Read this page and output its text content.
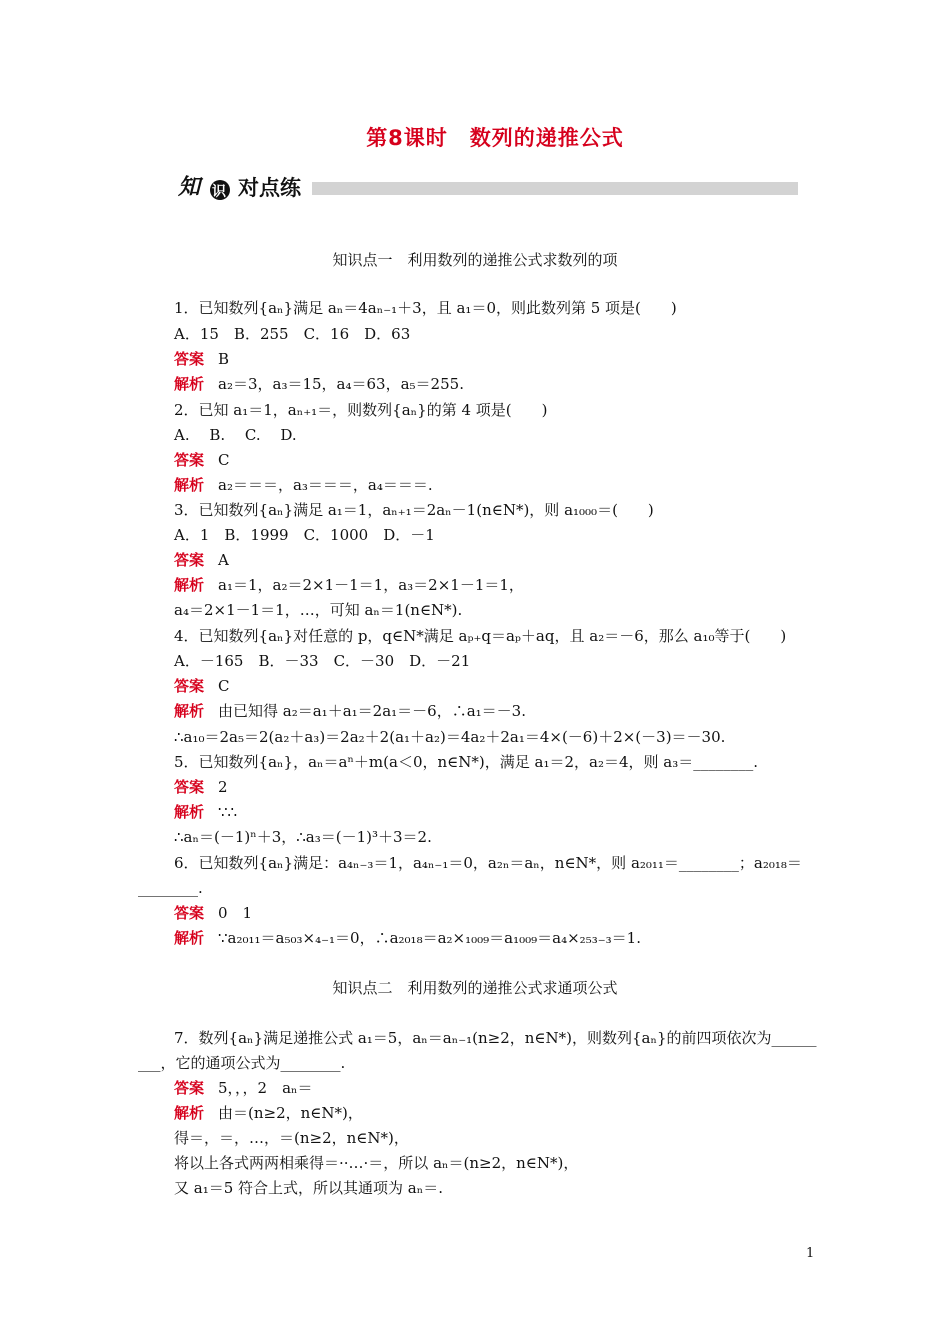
第8课时　数列的递推公式
知 识 对点练
知识点一　利用数列的递推公式求数列的项
知识点二　利用数列的递推公式求通项公式
1．已知数列{aₙ}满足 aₙ＝4aₙ₋₁＋3，且 a₁＝0，则此数列第 5 项是(　　)
A．15　B．255　C．16　D．63
答案 B
解析 a₂＝3，a₃＝15，a₄＝63，a₅＝255.
2．已知 a₁＝1，aₙ₊₁＝，则数列{aₙ}的第 4 项是(　　)
A.　 B.　 C.　 D.
答案 C
解析 a₂＝＝＝，a₃＝＝＝，a₄＝＝＝.
3．已知数列{aₙ}满足 a₁＝1，aₙ₊₁＝2aₙ－1(n∈N*)，则 a₁₀₀₀＝(　　)
A．1　B．1999　C．1000　D．－1
答案 A
解析 a₁＝1，a₂＝2×1－1＝1，a₃＝2×1－1＝1，
a₄＝2×1－1＝1，…，可知 aₙ＝1(n∈N*).
4．已知数列{aₙ}对任意的 p，q∈N*满足 aₚ₊q＝aₚ＋aq，且 a₂＝－6，那么 a₁₀等于(　　)
A．－165　B．－33　C．－30　D．－21
答案 C
解析 由已知得 a₂＝a₁＋a₁＝2a₁＝－6，∴a₁＝－3.
∴a₁₀＝2a₅＝2(a₂＋a₃)＝2a₂＋2(a₁＋a₂)＝4a₂＋2a₁＝4×(－6)＋2×(－3)＝－30.
5．已知数列{aₙ}，aₙ＝aⁿ＋m(a＜0，n∈N*)，满足 a₁＝2，a₂＝4，则 a₃＝________.
答案 2
解析 ∵∴
∴aₙ＝(－1)ⁿ＋3，∴a₃＝(－1)³＋3＝2.
6．已知数列{aₙ}满足：a₄ₙ₋₃＝1，a₄ₙ₋₁＝0，a₂ₙ＝aₙ，n∈N*，则 a₂₀₁₁＝________；a₂₀₁₈＝
________.
答案 0　1
解析 ∵a₂₀₁₁＝a₅₀₃×₄₋₁＝0，∴a₂₀₁₈＝a₂×₁₀₀₉＝a₁₀₀₉＝a₄×₂₅₃₋₃＝1.
7．数列{aₙ}满足递推公式 a₁＝5，aₙ＝aₙ₋₁(n≥2，n∈N*)，则数列{aₙ}的前四项依次为______
___，它的通项公式为________.
答案 5，，，2　aₙ＝
解析 由＝(n≥2，n∈N*)，
得＝，＝，…，＝(n≥2，n∈N*)，
将以上各式两两相乘得＝··…·＝，所以 aₙ＝(n≥2，n∈N*)，
又 a₁＝5 符合上式，所以其通项为 aₙ＝.
1
